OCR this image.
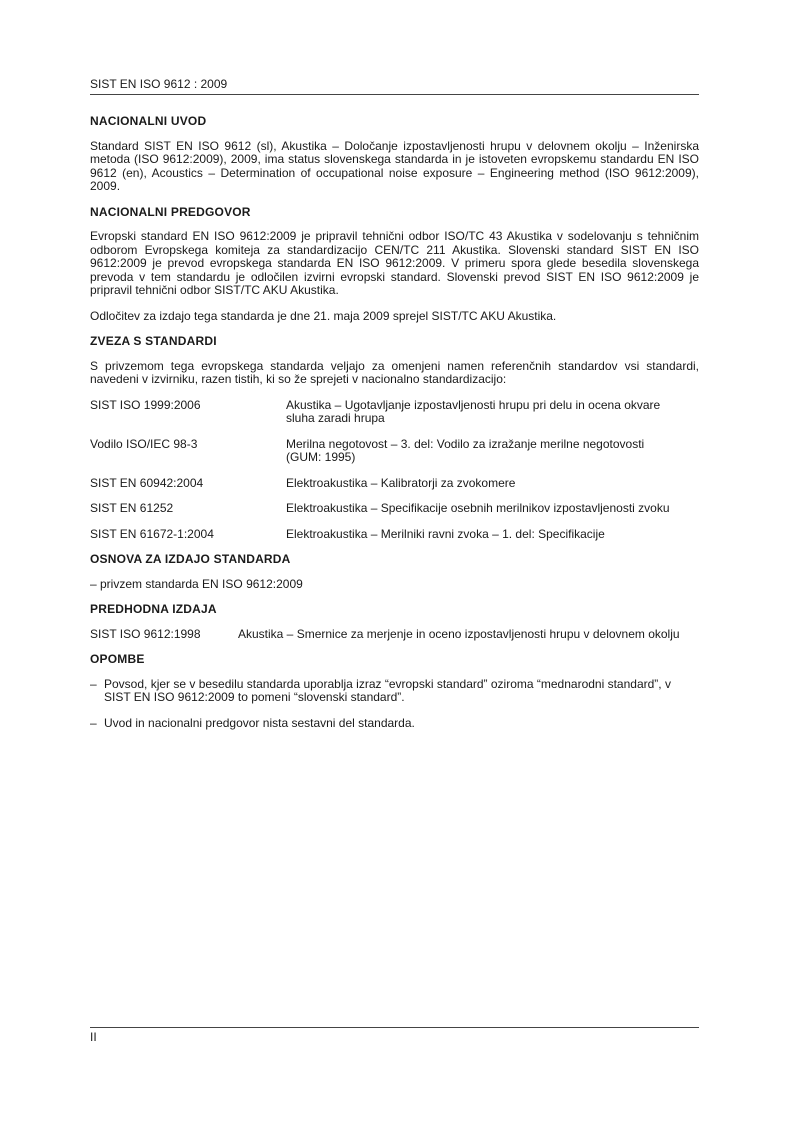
SIST EN ISO 9612 : 2009
NACIONALNI UVOD

Standard SIST EN ISO 9612 (sl), Akustika – Določanje izpostavljenosti hrupu v delovnem okolju – Inženirska metoda (ISO 9612:2009), 2009, ima status slovenskega standarda in je istoveten evropskemu standardu EN ISO 9612 (en), Acoustics – Determination of occupational noise exposure – Engineering method (ISO 9612:2009), 2009.

NACIONALNI PREDGOVOR

Evropski standard EN ISO 9612:2009 je pripravil tehnični odbor ISO/TC 43 Akustika v sodelovanju s tehničnim odborom Evropskega komiteja za standardizacijo CEN/TC 211 Akustika. Slovenski standard SIST EN ISO 9612:2009 je prevod evropskega standarda EN ISO 9612:2009. V primeru spora glede besedila slovenskega prevoda v tem standardu je odločilen izvirni evropski standard. Slovenski prevod SIST EN ISO 9612:2009 je pripravil tehnični odbor SIST/TC AKU Akustika.

Odločitev za izdajo tega standarda je dne 21. maja 2009 sprejel SIST/TC AKU Akustika.

ZVEZA S STANDARDI

S privzemom tega evropskega standarda veljajo za omenjeni namen referenčnih standardov vsi standardi, navedeni v izvirniku, razen tistih, ki so že sprejeti v nacionalno standardizacijo:

SIST ISO 1999:2006	Akustika – Ugotavljanje izpostavljenosti hrupu pri delu in ocena okvare sluha zaradi hrupa
Vodilo ISO/IEC 98-3	Merilna negotovost – 3. del: Vodilo za izražanje merilne negotovosti (GUM: 1995)
SIST EN 60942:2004	Elektroakustika – Kalibratorji za zvokomere
SIST EN 61252	Elektroakustika – Specifikacije osebnih merilnikov izpostavljenosti zvoku
SIST EN 61672-1:2004	Elektroakustika – Merilniki ravni zvoka – 1. del: Specifikacije
OSNOVA ZA IZDAJO STANDARDA

– privzem standarda EN ISO 9612:2009

PREDHODNA IZDAJA
SIST ISO 9612:1998	Akustika – Smernice za merjenje in oceno izpostavljenosti hrupu v delovnem okolju
OPOMBE
– Povsod, kjer se v besedilu standarda uporablja izraz “evropski standard” oziroma “mednarodni standard”, v SIST EN ISO 9612:2009 to pomeni “slovenski standard”.
– Uvod in nacionalni predgovor nista sestavni del standarda.
II
